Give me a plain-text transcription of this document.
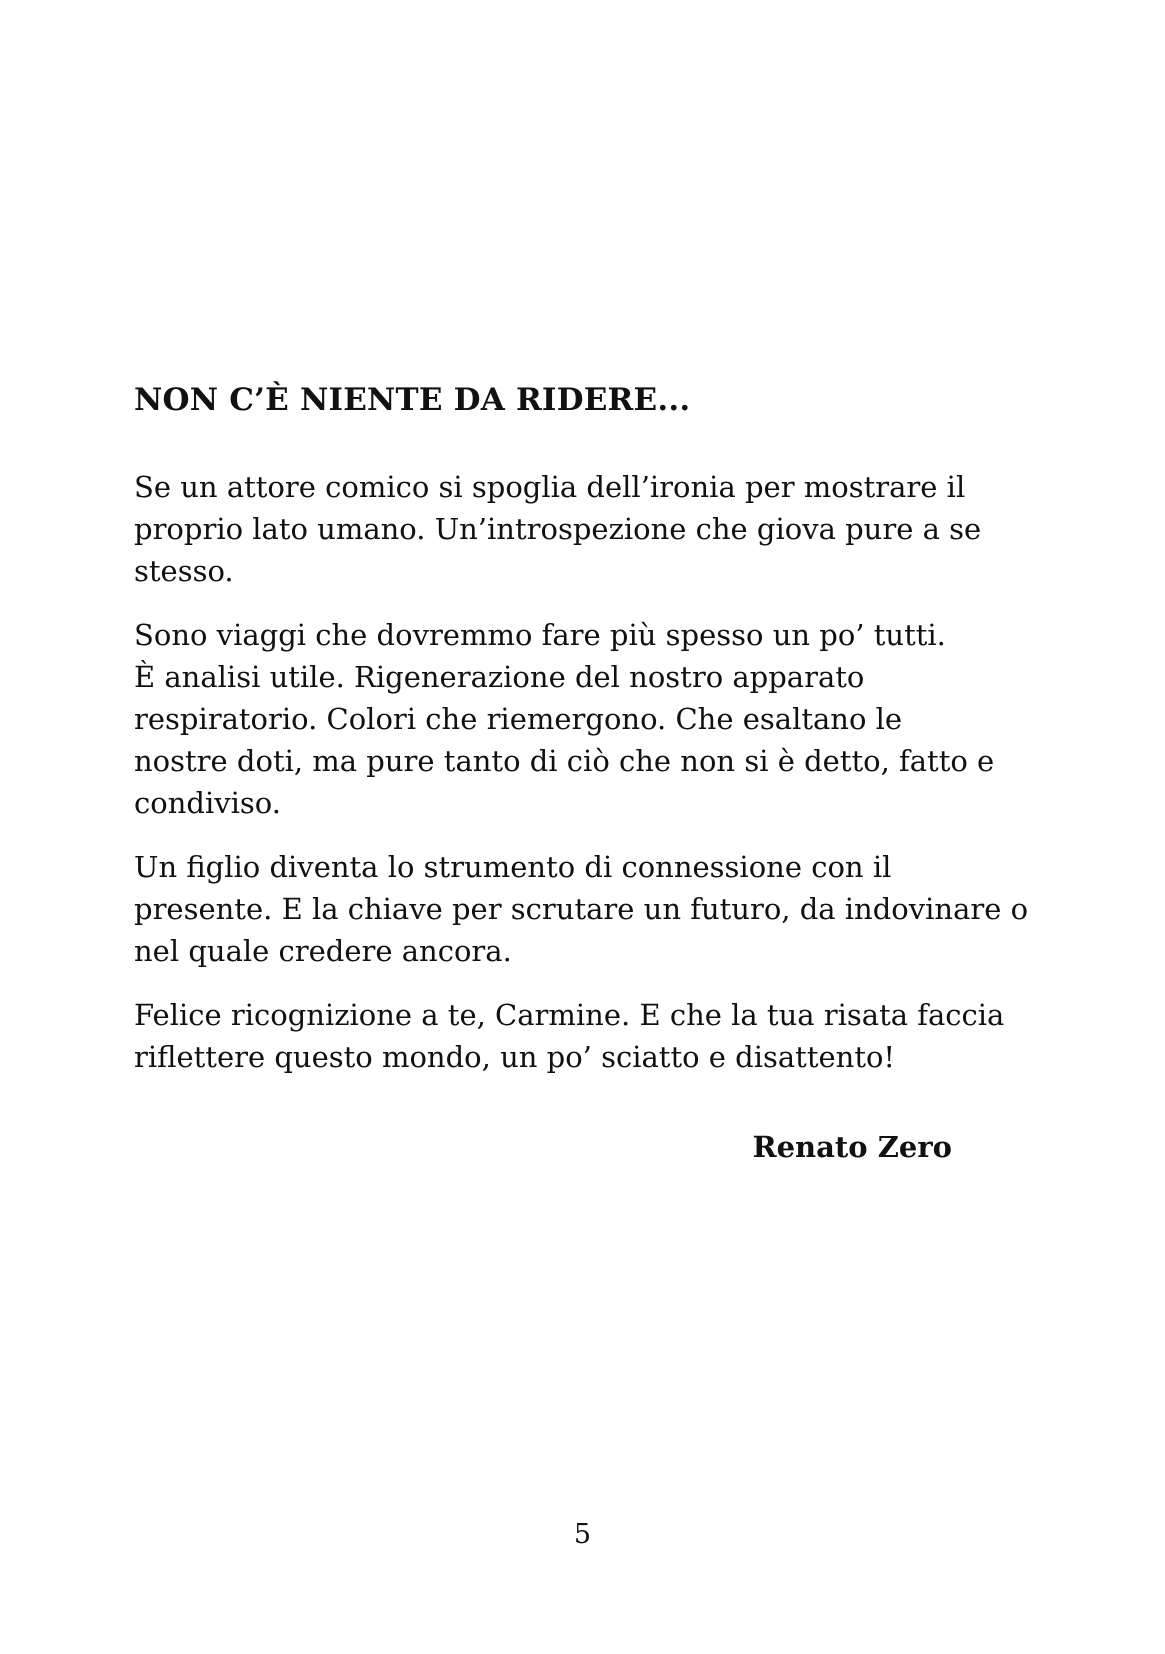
NON C’È NIENTE DA RIDERE...

Se un attore comico si spoglia dell’ironia per mostrare il
proprio lato umano. Un’introspezione che giova pure a se
stesso.

Sono viaggi che dovremmo fare più spesso un po’ tutti.
È analisi utile. Rigenerazione del nostro apparato
respiratorio. Colori che riemergono. Che esaltano le
nostre doti, ma pure tanto di ciò che non si è detto, fatto e
condiviso.

Un figlio diventa lo strumento di connessione con il
presente. E la chiave per scrutare un futuro, da indovinare o
nel quale credere ancora.

Felice ricognizione a te, Carmine. E che la tua risata faccia
riflettere questo mondo, un po’ sciatto e disattento!

Renato Zero

5
